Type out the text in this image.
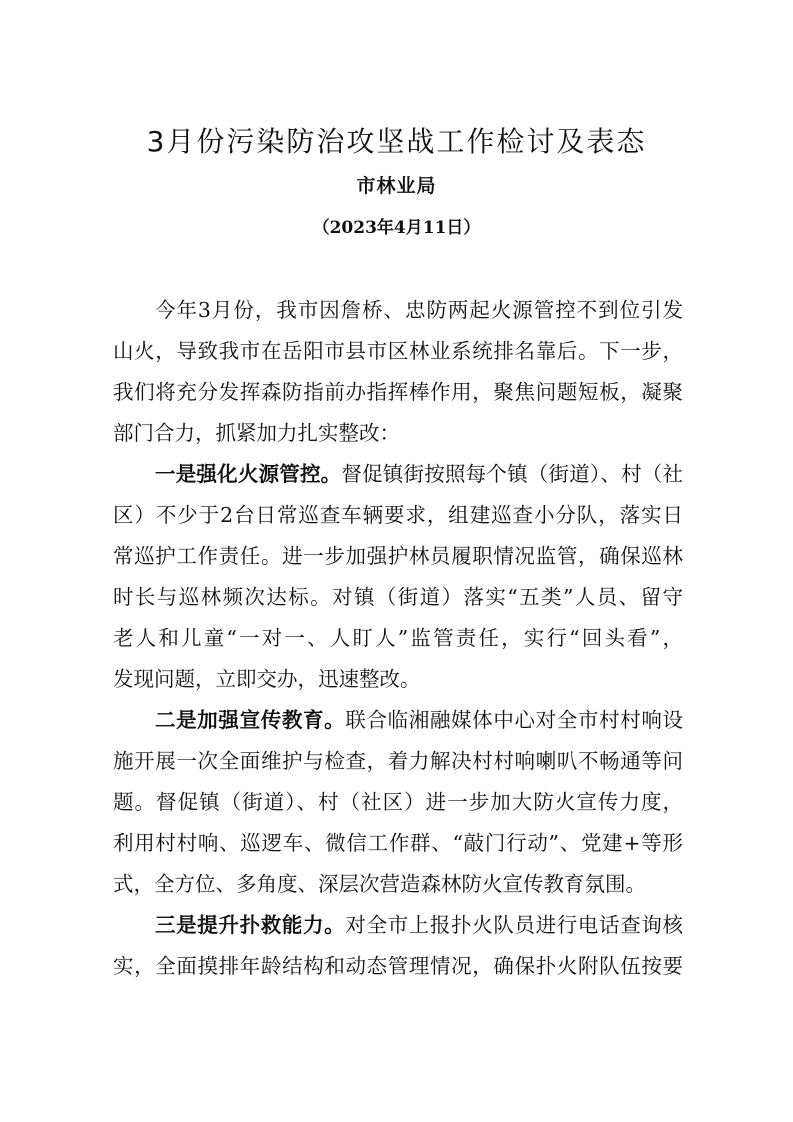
3月份污染防治攻坚战工作检讨及表态
市林业局
（2023年4月11日）
今年3月份，我市因詹桥、忠防两起火源管控不到位引发
山火，导致我市在岳阳市县市区林业系统排名靠后。下一步，
我们将充分发挥森防指前办指挥棒作用，聚焦问题短板，凝聚
部门合力，抓紧加力扎实整改：
一是强化火源管控。督促镇街按照每个镇（街道）、村（社
区）不少于2台日常巡查车辆要求，组建巡查小分队，落实日
常巡护工作责任。进一步加强护林员履职情况监管，确保巡林
时长与巡林频次达标。对镇（街道）落实“五类”人员、留守
老人和儿童“一对一、人盯人”监管责任，实行“回头看”，
发现问题，立即交办，迅速整改。
二是加强宣传教育。联合临湘融媒体中心对全市村村响设
施开展一次全面维护与检查，着力解决村村响喇叭不畅通等问
题。督促镇（街道）、村（社区）进一步加大防火宣传力度，
利用村村响、巡逻车、微信工作群、“敲门行动”、党建+等形
式，全方位、多角度、深层次营造森林防火宣传教育氛围。
三是提升扑救能力。对全市上报扑火队员进行电话查询核
实，全面摸排年龄结构和动态管理情况，确保扑火附队伍按要
